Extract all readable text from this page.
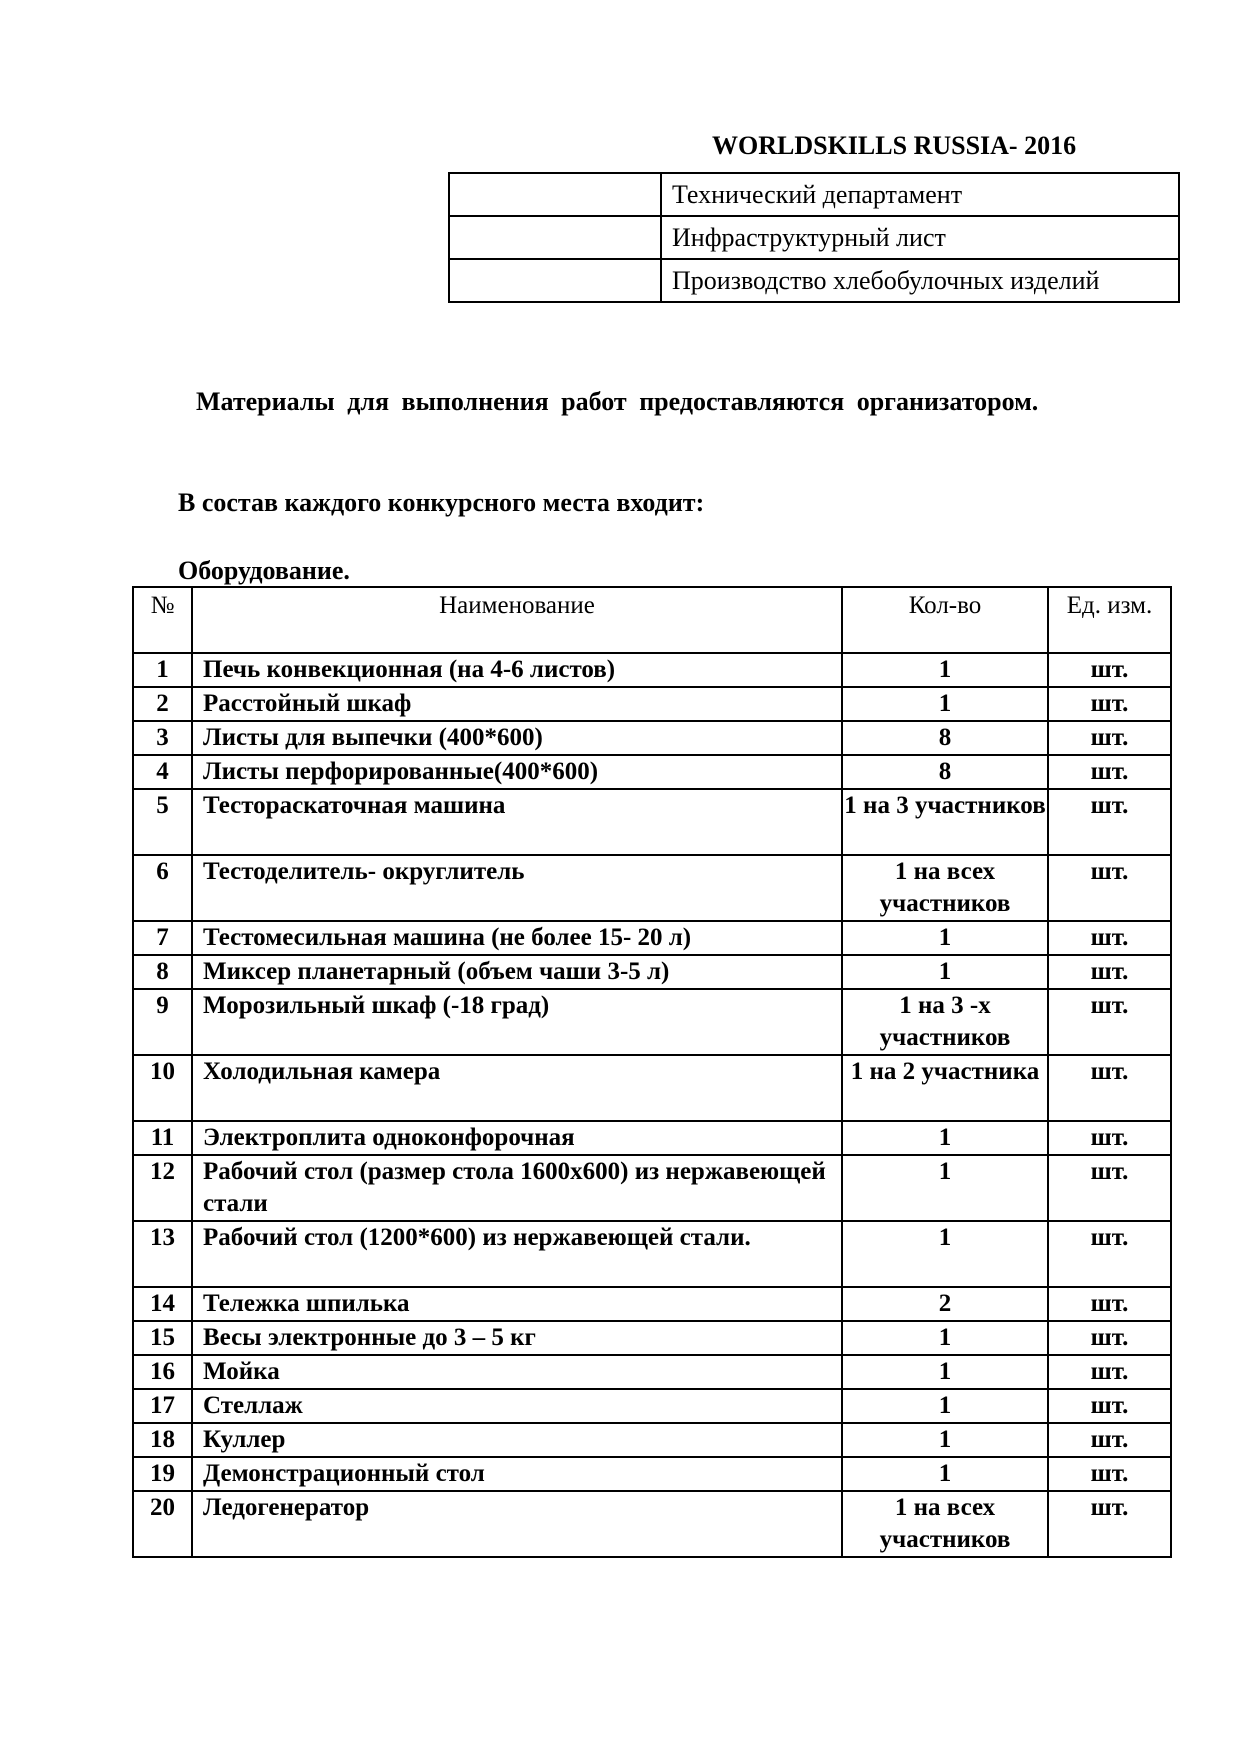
WORLDSKILLS RUSSIA- 2016
	Технический департамент
	Инфраструктурный лист
	Производство хлебобулочных изделий
Материалы для выполнения работ предоставляются организатором.
В состав каждого конкурсного места входит:
Оборудование.
№	Наименование	Кол-во	Ед. изм.
1	Печь конвекционная (на 4-6 листов)	1	шт.
2	Расстойный шкаф	1	шт.
3	Листы для выпечки (400*600)	8	шт.
4	Листы перфорированные(400*600)	8	шт.
5	Тестораскаточная машина	1 на 3 участников	шт.
6	Тестоделитель- округлитель	1 на всех участников	шт.
7	Тестомесильная машина (не более 15- 20 л)	1	шт.
8	Миксер планетарный (объем чаши 3-5 л)	1	шт.
9	Морозильный шкаф (-18 град)	1 на 3 -х участников	шт.
10	Холодильная камера	1 на 2 участника	шт.
11	Электроплита одноконфорочная	1	шт.
12	Рабочий стол (размер стола 1600х600) из нержавеющей стали	1	шт.
13	Рабочий стол (1200*600) из нержавеющей стали.	1	шт.
14	Тележка шпилька	2	шт.
15	Весы электронные до 3 – 5 кг	1	шт.
16	Мойка	1	шт.
17	Стеллаж	1	шт.
18	Куллер	1	шт.
19	Демонстрационный стол	1	шт.
20	Ледогенератор	1 на всех участников	шт.
